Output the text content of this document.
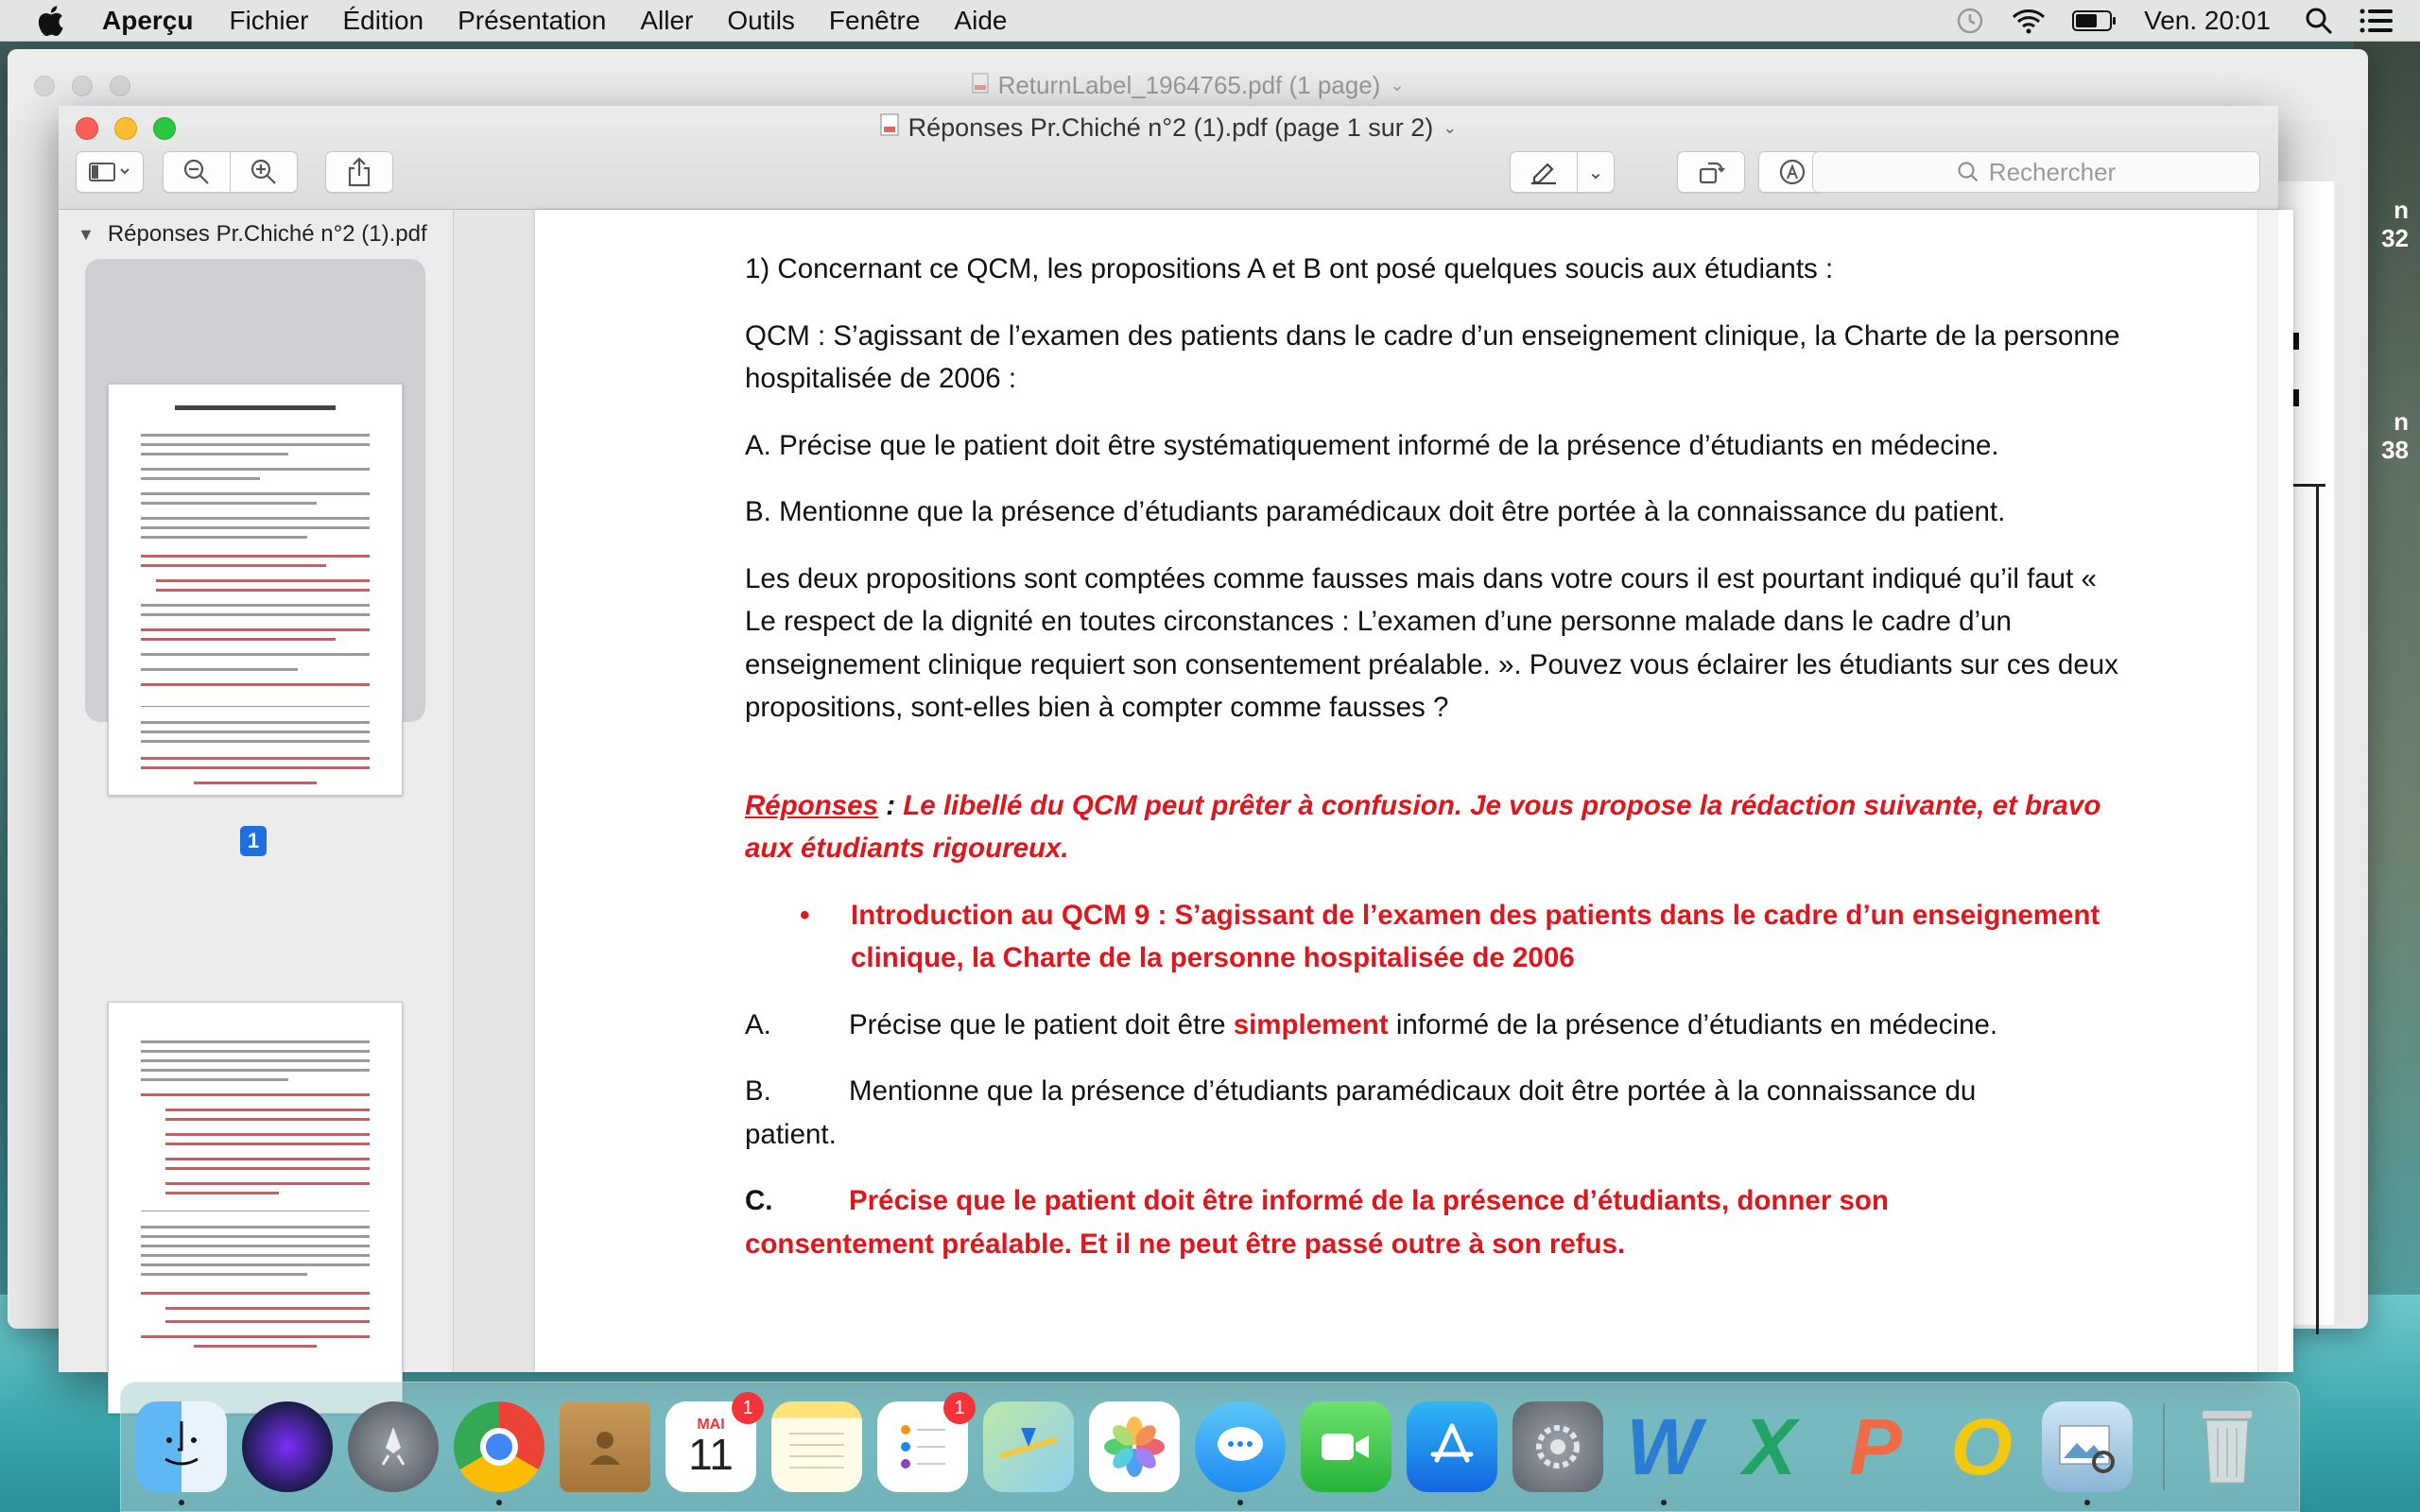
Aperçu Fichier Édition Présentation Aller Outils Fenêtre Aide	Ven. 20:01
ReturnLabel_1964765.pdf (1 page) ⌄
n
32
n
38
Réponses Pr.Chiché n°2 (1).pdf (page 1 sur 2) ⌄
⌄	Rechercher
▼ Réponses Pr.Chiché n°2 (1).pdf
1

1) Concernant ce QCM, les propositions A et B ont posé quelques soucis aux étudiants :

QCM : S’agissant de l’examen des patients dans le cadre d’un enseignement clinique, la Charte de la personne hospitalisée de 2006 :

A. Précise que le patient doit être systématiquement informé de la présence d’étudiants en médecine.

B. Mentionne que la présence d’étudiants paramédicaux doit être portée à la connaissance du patient.

Les deux propositions sont comptées comme fausses mais dans votre cours il est pourtant indiqué qu’il faut « Le respect de la dignité en toutes circonstances : L’examen d’une personne malade dans le cadre d’un enseignement clinique requiert son consentement préalable. ». Pouvez vous éclairer les étudiants sur ces deux propositions, sont-elles bien à compter comme fausses ?

Réponses : Le libellé du QCM peut prêter à confusion. Je vous propose la rédaction suivante, et bravo aux étudiants rigoureux.

•	Introduction au QCM 9 : S’agissant de l’examen des patients dans le cadre d’un enseignement clinique, la Charte de la personne hospitalisée de 2006

A.	Précise que le patient doit être simplement informé de la présence d’étudiants en médecine.

B.	Mentionne que la présence d’étudiants paramédicaux doit être portée à la connaissance du
patient.

C.	Précise que le patient doit être informé de la présence d’étudiants, donner son
consentement préalable. Et il ne peut être passé outre à son refus.

MAI
11
1	1	W X P O
